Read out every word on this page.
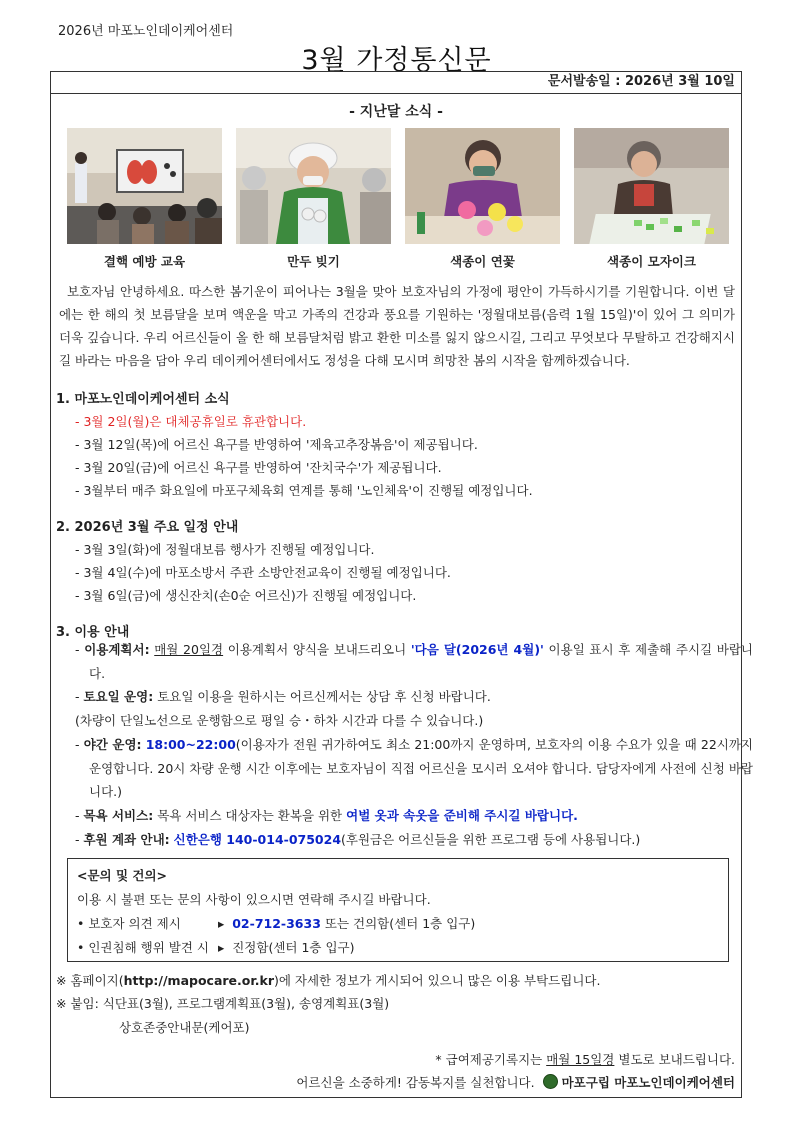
2026년 마포노인데이케어센터
3월 가정통신문
문서발송일 : 2026년 3월 10일
- 지난달 소식 -
결핵 예방 교육	만두 빚기	색종이 연꽃	색종이 모자이크
보호자님 안녕하세요. 따스한 봄기운이 피어나는 3월을 맞아 보호자님의 가정에 평안이 가득하시기를 기원합니다. 이번 달에는 한 해의 첫 보름달을 보며 액운을 막고 가족의 건강과 풍요를 기원하는 '정월대보름(음력 1월 15일)'이 있어 그 의미가 더욱 깊습니다. 우리 어르신들이 올 한 해 보름달처럼 밝고 환한 미소를 잃지 않으시길, 그리고 무엇보다 무탈하고 건강해지시길 바라는 마음을 담아 우리 데이케어센터에서도 정성을 다해 모시며 희망찬 봄의 시작을 함께하겠습니다.
1. 마포노인데이케어센터 소식
- 3월 2일(월)은 대체공휴일로 휴관합니다.
- 3월 12일(목)에 어르신 욕구를 반영하여 '제육고추장볶음'이 제공됩니다.
- 3월 20일(금)에 어르신 욕구를 반영하여 '잔치국수'가 제공됩니다.
- 3월부터 매주 화요일에 마포구체육회 연계를 통해 '노인체육'이 진행될 예정입니다.
2. 2026년 3월 주요 일정 안내
- 3월 3일(화)에 정월대보름 행사가 진행될 예정입니다.
- 3월 4일(수)에 마포소방서 주관 소방안전교육이 진행될 예정입니다.
- 3월 6일(금)에 생신잔치(손0순 어르신)가 진행될 예정입니다.
3. 이용 안내
- 이용계획서: 매월 20일경 이용계획서 양식을 보내드리오니 '다음 달(2026년 4월)' 이용일 표시 후 제출해 주시길 바랍니다.
- 토요일 운영: 토요일 이용을 원하시는 어르신께서는 상담 후 신청 바랍니다.
(차량이 단일노선으로 운행함으로 평일 승・하차 시간과 다를 수 있습니다.)
- 야간 운영: 18:00~22:00(이용자가 전원 귀가하여도 최소 21:00까지 운영하며, 보호자의 이용 수요가 있을 때 22시까지 운영합니다. 20시 차량 운행 시간 이후에는 보호자님이 직접 어르신을 모시러 오셔야 합니다. 담당자에게 사전에 신청 바랍니다.)
- 목욕 서비스: 목욕 서비스 대상자는 환복을 위한 여벌 옷과 속옷을 준비해 주시길 바랍니다.
- 후원 계좌 안내: 신한은행 140-014-075024(후원금은 어르신들을 위한 프로그램 등에 사용됩니다.)
<문의 및 건의>
이용 시 불편 또는 문의 사항이 있으시면 연락해 주시길 바랍니다.
• 보호자 의견 제시	▸ 02-712-3633 또는 건의함(센터 1층 입구)
• 인권침해 행위 발견 시 ▸ 진정함(센터 1층 입구)
※ 홈페이지(http://mapocare.or.kr)에 자세한 정보가 게시되어 있으니 많은 이용 부탁드립니다.
※ 붙임: 식단표(3월), 프로그램계획표(3월), 송영계획표(3월)
상호존중안내문(케어포)
* 급여제공기록지는 매월 15일경 별도로 보내드립니다.
어르신을 소중하게! 감동복지를 실천합니다. 마포구립 마포노인데이케어센터
